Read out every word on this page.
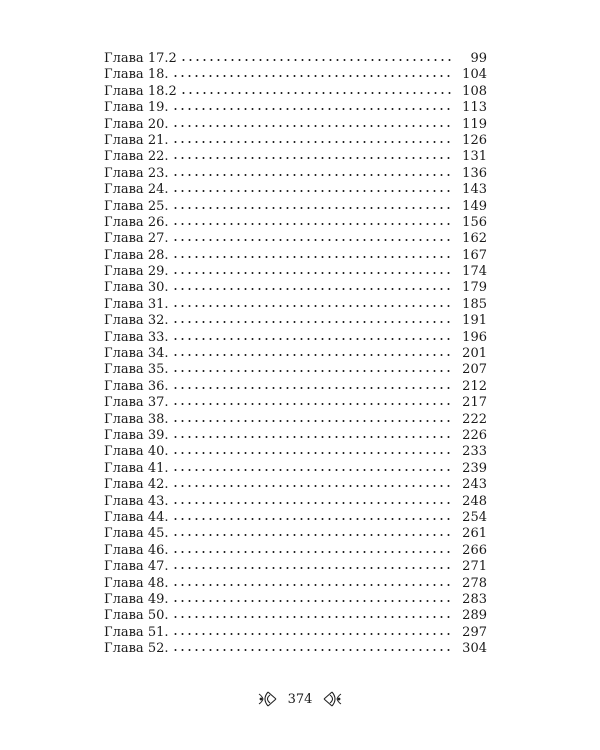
Глава 17.2	99
Глава 18.	104
Глава 18.2	108
Глава 19.	113
Глава 20.	119
Глава 21.	126
Глава 22.	131
Глава 23.	136
Глава 24.	143
Глава 25.	149
Глава 26.	156
Глава 27.	162
Глава 28.	167
Глава 29.	174
Глава 30.	179
Глава 31.	185
Глава 32.	191
Глава 33.	196
Глава 34.	201
Глава 35.	207
Глава 36.	212
Глава 37.	217
Глава 38.	222
Глава 39.	226
Глава 40.	233
Глава 41.	239
Глава 42.	243
Глава 43.	248
Глава 44.	254
Глава 45.	261
Глава 46.	266
Глава 47.	271
Глава 48.	278
Глава 49.	283
Глава 50.	289
Глава 51.	297
Глава 52.	304
374
